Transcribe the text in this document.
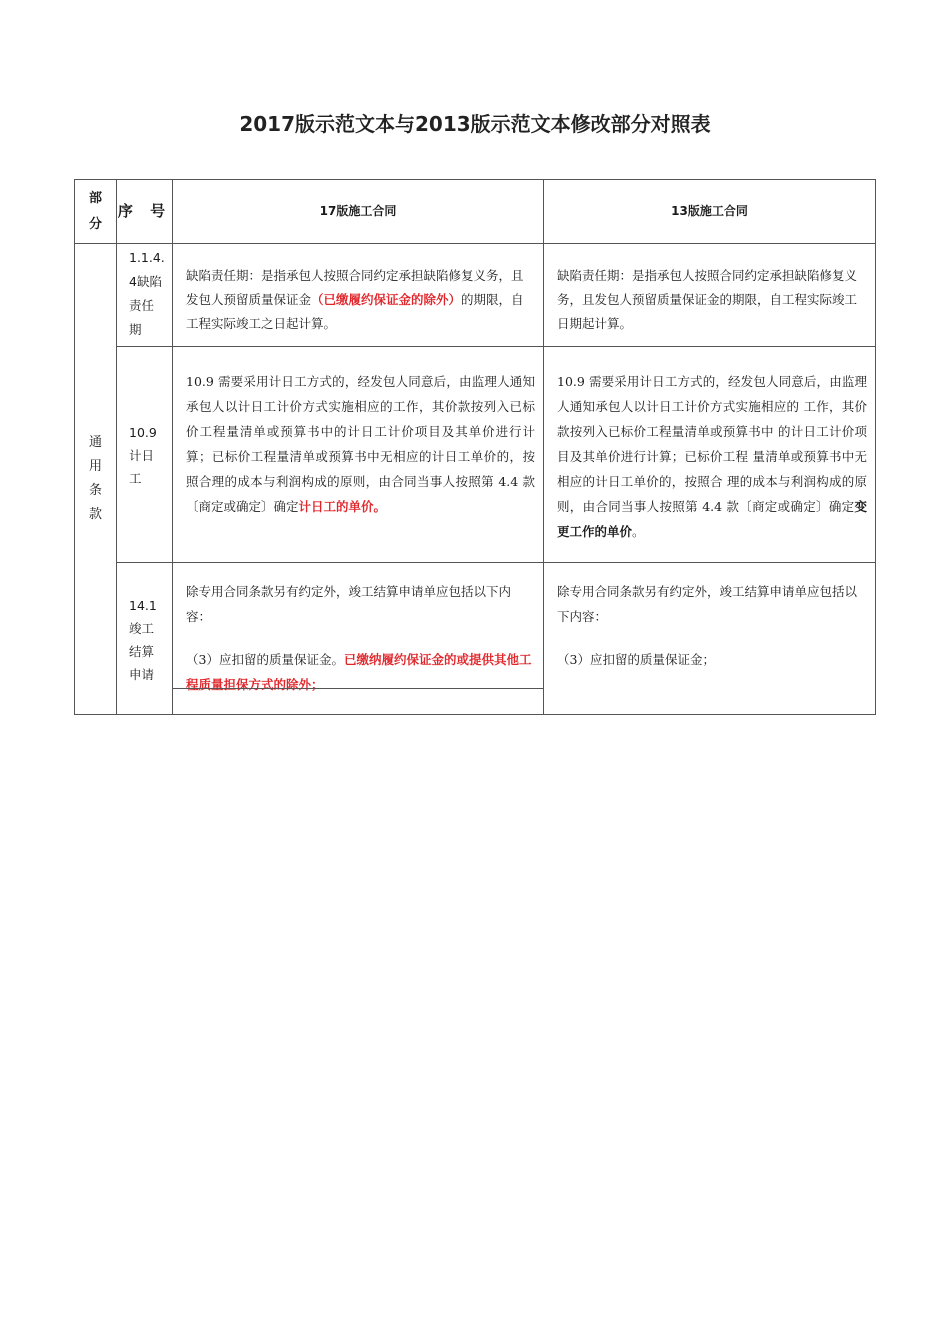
2017版示范文本与2013版示范文本修改部分对照表
部分
序 号	17版施工合同	13版施工合同
通用条款
1.1.4.4缺陷责任期

缺陷责任期：是指承包人按照合同约定承担缺陷修复义务，且发包人预留质量保证金（已缴履约保证金的除外）的期限，自工程实际竣工之日起计算。

缺陷责任期：是指承包人按照合同约定承担缺陷修复义务，且发包人预留质量保证金的期限，自工程实际竣工日期起计算。

10.9计日工

10.9 需要采用计日工方式的，经发包人同意后，由监理人通知承包人以计日工计价方式实施相应的工作，其价款按列入已标价工程量清单或预算书中的计日工计价项目及其单价进行计算；已标价工程量清单或预算书中无相应的计日工单价的，按照合理的成本与利润构成的原则，由合同当事人按照第 4.4 款〔商定或确定〕确定计日工的单价。

10.9 需要采用计日工方式的，经发包人同意后，由监理人通知承包人以计日工计价方式实施相应的 工作，其价款按列入已标价工程量清单或预算书中 的计日工计价项目及其单价进行计算；已标价工程 量清单或预算书中无相应的计日工单价的，按照合 理的成本与利润构成的原则，由合同当事人按照第 4.4 款〔商定或确定〕确定变更工作的单价。

14.1竣工结算申请

除专用合同条款另有约定外，竣工结算申请单应包括以下内容：

（3）应扣留的质量保证金。已缴纳履约保证金的或提供其他工程质量担保方式的除外；

除专用合同条款另有约定外，竣工结算申请单应包括以下内容：

（3）应扣留的质量保证金；
